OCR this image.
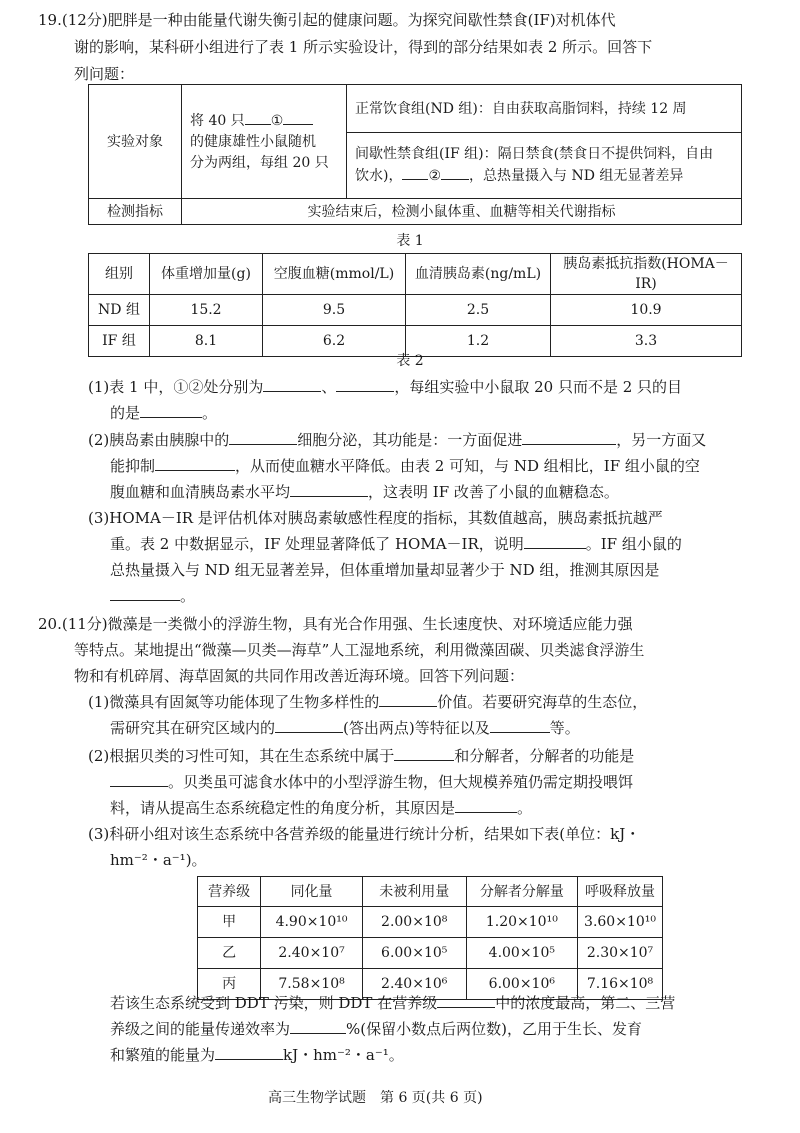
19.(12分)肥胖是一种由能量代谢失衡引起的健康问题。为探究间歇性禁食(IF)对机体代
谢的影响，某科研小组进行了表 1 所示实验设计，得到的部分结果如表 2 所示。回答下
列问题：
实验对象	将 40 只 ①
的健康雄性小鼠随机
分为两组，每组 20 只	正常饮食组(ND 组)：自由获取高脂饲料，持续 12 周

		间歇性禁食组(IF 组)：隔日禁食(禁食日不提供饲料，自由
饮水)， ② ，总热量摄入与 ND 组无显著差异

检测指标	实验结束后，检测小鼠体重、血糖等相关代谢指标	
表 1
组别	体重增加量(g)	空腹血糖(mmol/L)	血清胰岛素(ng/mL)	胰岛素抵抗指数(HOMA－IR)
ND 组	15.2	9.5	2.5	10.9
IF 组	8.1	6.2	1.2	3.3
表 2
(1)表 1 中，①②处分别为	、	，每组实验中小鼠取 20 只而不是 2 只的目
的是	。
(2)胰岛素由胰腺中的	细胞分泌，其功能是：一方面促进	，另一方面又
能抑制	，从而使血糖水平降低。由表 2 可知，与 ND 组相比，IF 组小鼠的空
腹血糖和血清胰岛素水平均	，这表明 IF 改善了小鼠的血糖稳态。
(3)HOMA－IR 是评估机体对胰岛素敏感性程度的指标，其数值越高，胰岛素抵抗越严
重。表 2 中数据显示，IF 处理显著降低了 HOMA－IR，说明	。IF 组小鼠的
总热量摄入与 ND 组无显著差异，但体重增加量却显著少于 ND 组，推测其原因是
。
20.(11分)微藻是一类微小的浮游生物，具有光合作用强、生长速度快、对环境适应能力强
等特点。某地提出“微藻—贝类—海草”人工湿地系统，利用微藻固碳、贝类滤食浮游生
物和有机碎屑、海草固氮的共同作用改善近海环境。回答下列问题：
(1)微藻具有固氮等功能体现了生物多样性的	价值。若要研究海草的生态位，
需研究其在研究区域内的	(答出两点)等特征以及	等。
(2)根据贝类的习性可知，其在生态系统中属于	和分解者，分解者的功能是
。贝类虽可滤食水体中的小型浮游生物，但大规模养殖仍需定期投喂饵
料，请从提高生态系统稳定性的角度分析，其原因是	。
(3)科研小组对该生态系统中各营养级的能量进行统计分析，结果如下表(单位：kJ・
hm⁻²・a⁻¹)。
营养级	同化量	未被利用量	分解者分解量	呼吸释放量
甲	4.90×10¹⁰	2.00×10⁸	1.20×10¹⁰	3.60×10¹⁰
乙	2.40×10⁷	6.00×10⁵	4.00×10⁵	2.30×10⁷
丙	7.58×10⁸	2.40×10⁶	6.00×10⁶	7.16×10⁸
若该生态系统受到 DDT 污染，则 DDT 在营养级	中的浓度最高，第二、三营
养级之间的能量传递效率为	%(保留小数点后两位数)，乙用于生长、发育
和繁殖的能量为	kJ・hm⁻²・a⁻¹。
高三生物学试题　第 6 页(共 6 页)
